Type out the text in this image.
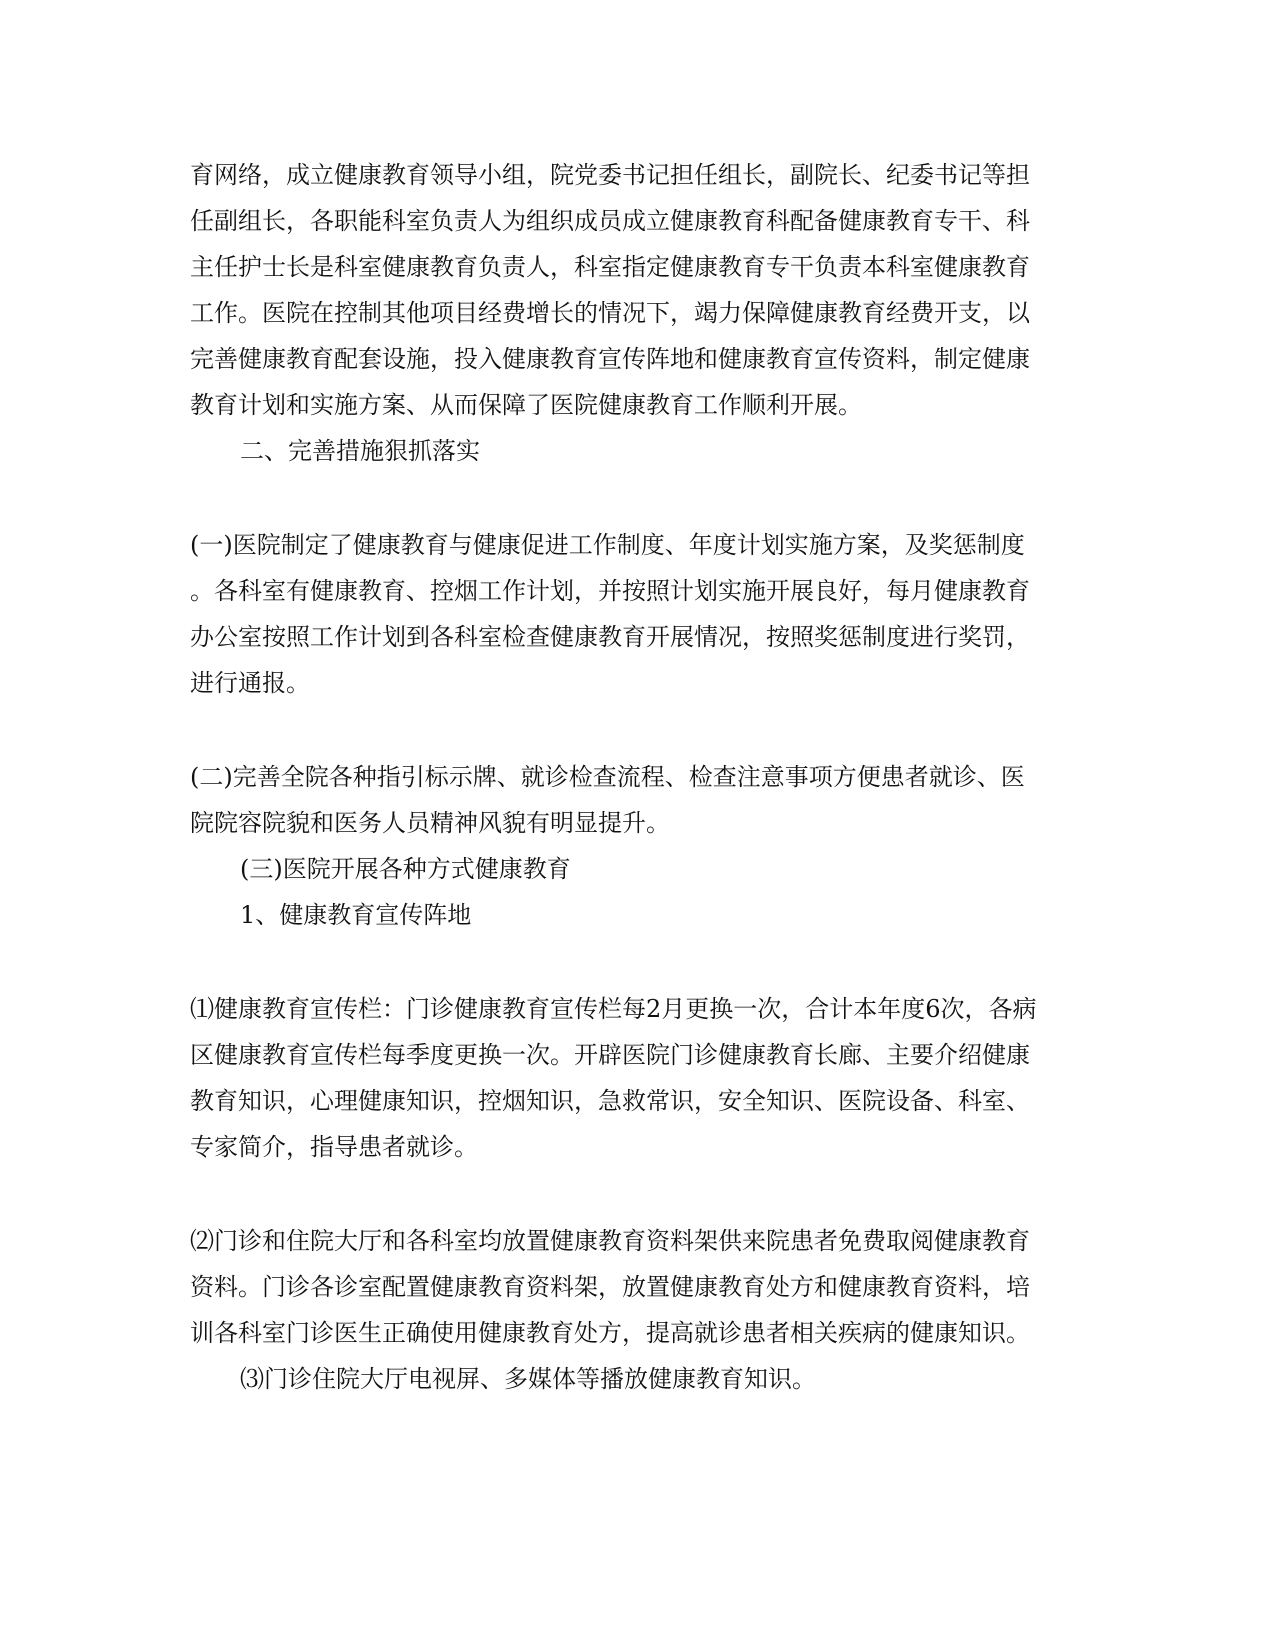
育网络，成立健康教育领导小组，院党委书记担任组长，副院长、纪委书记等担
任副组长，各职能科室负责人为组织成员成立健康教育科配备健康教育专干、科
主任护士长是科室健康教育负责人，科室指定健康教育专干负责本科室健康教育
工作。医院在控制其他项目经费增长的情况下，竭力保障健康教育经费开支，以
完善健康教育配套设施，投入健康教育宣传阵地和健康教育宣传资料，制定健康
教育计划和实施方案、从而保障了医院健康教育工作顺利开展。
二、完善措施狠抓落实
(一)医院制定了健康教育与健康促进工作制度、年度计划实施方案，及奖惩制度
。各科室有健康教育、控烟工作计划，并按照计划实施开展良好，每月健康教育
办公室按照工作计划到各科室检查健康教育开展情况，按照奖惩制度进行奖罚，
进行通报。
(二)完善全院各种指引标示牌、就诊检查流程、检查注意事项方便患者就诊、医
院院容院貌和医务人员精神风貌有明显提升。
(三)医院开展各种方式健康教育
1、健康教育宣传阵地
⑴健康教育宣传栏：门诊健康教育宣传栏每2月更换一次，合计本年度6次，各病
区健康教育宣传栏每季度更换一次。开辟医院门诊健康教育长廊、主要介绍健康
教育知识，心理健康知识，控烟知识，急救常识，安全知识、医院设备、科室、
专家简介，指导患者就诊。
⑵门诊和住院大厅和各科室均放置健康教育资料架供来院患者免费取阅健康教育
资料。门诊各诊室配置健康教育资料架，放置健康教育处方和健康教育资料，培
训各科室门诊医生正确使用健康教育处方，提高就诊患者相关疾病的健康知识。
⑶门诊住院大厅电视屏、多媒体等播放健康教育知识。
